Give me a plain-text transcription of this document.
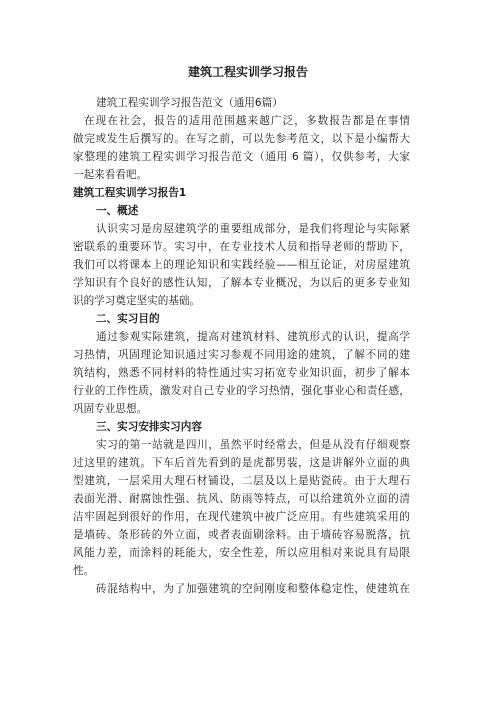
建筑工程实训学习报告
建筑工程实训学习报告范文（通用6篇）
在现在社会，报告的适用范围越来越广泛，多数报告都是在事情
做完或发生后撰写的。在写之前，可以先参考范文，以下是小编帮大
家整理的建筑工程实训学习报告范文（通用 6 篇），仅供参考，大家
一起来看看吧。
建筑工程实训学习报告1
一、概述
认识实习是房屋建筑学的重要组成部分，是我们将理论与实际紧
密联系的重要环节。实习中，在专业技术人员和指导老师的帮助下，
我们可以将课本上的理论知识和实践经验——相互论证，对房屋建筑
学知识有个良好的感性认知，了解本专业概况，为以后的更多专业知
识的学习奠定坚实的基础。
二、实习目的
通过参观实际建筑，提高对建筑材料、建筑形式的认识，提高学
习热情，巩固理论知识通过实习参观不同用途的建筑，了解不同的建
筑结构，熟悉不同材料的特性通过实习拓宽专业知识面，初步了解本
行业的工作性质，激发对自己专业的学习热情，强化事业心和责任感，
巩固专业思想。
三、实习安排实习内容
实习的第一站就是四川，虽然平时经常去，但是从没有仔细观察
过这里的建筑。下车后首先看到的是虎都男装，这是讲解外立面的典
型建筑，一层采用大理石材铺设，二层及以上是贴瓷砖。由于大理石
表面光滑、耐腐蚀性强、抗风、防雨等特点，可以给建筑外立面的清
洁牢固起到很好的作用，在现代建筑中被广泛应用。有些建筑采用的
是墙砖、条形砖的外立面，或者表面刷涂料。由于墙砖容易脱落，抗
风能力差，而涂料的耗能大，安全性差，所以应用相对来说具有局限
性。
砖混结构中，为了加强建筑的空间刚度和整体稳定性，使建筑在
